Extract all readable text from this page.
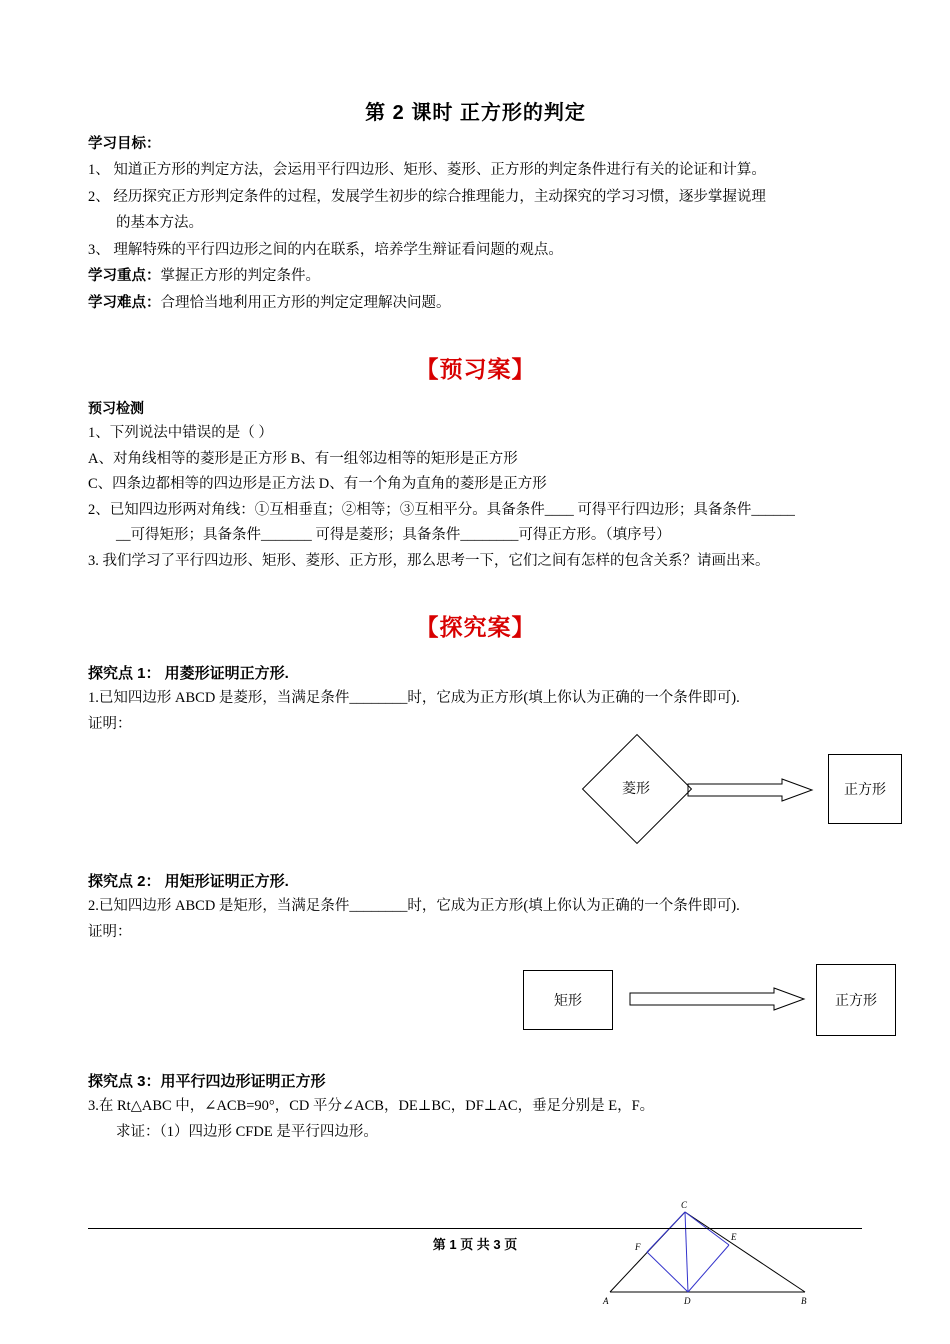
第 2 课时 正方形的判定
学习目标：
1、 知道正方形的判定方法，会运用平行四边形、矩形、菱形、正方形的判定条件进行有关的论证和计算。
2、 经历探究正方形判定条件的过程，发展学生初步的综合推理能力，主动探究的学习习惯，逐步掌握说理
的基本方法。
3、 理解特殊的平行四边形之间的内在联系，培养学生辩证看问题的观点。
学习重点：掌握正方形的判定条件。
学习难点：合理恰当地利用正方形的判定定理解决问题。
【预习案】
预习检测
1、下列说法中错误的是（ ）
A、对角线相等的菱形是正方形 B、有一组邻边相等的矩形是正方形
C、四条边都相等的四边形是正方法 D、有一个角为直角的菱形是正方形
2、已知四边形两对角线：①互相垂直；②相等；③互相平分。具备条件____ 可得平行四边形；具备条件______
__可得矩形；具备条件_______ 可得是菱形；具备条件________可得正方形。（填序号）
3. 我们学习了平行四边形、矩形、菱形、正方形，那么思考一下，它们之间有怎样的包含关系？请画出来。
【探究案】
探究点 1： 用菱形证明正方形.
1.已知四边形 ABCD 是菱形，当满足条件________时，它成为正方形(填上你认为正确的一个条件即可).
证明：
菱形	正方形
探究点 2： 用矩形证明正方形.
2.已知四边形 ABCD 是矩形，当满足条件________时，它成为正方形(填上你认为正确的一个条件即可).
证明：
矩形	正方形
探究点 3：用平行四边形证明正方形
3.在 Rt△ABC 中，∠ACB=90°，CD 平分∠ACB，DE⊥BC，DF⊥AC，垂足分别是 E，F。
求证：（1）四边形 CFDE 是平行四边形。
C
A	B
D
E
F
第 1 页 共 3 页
